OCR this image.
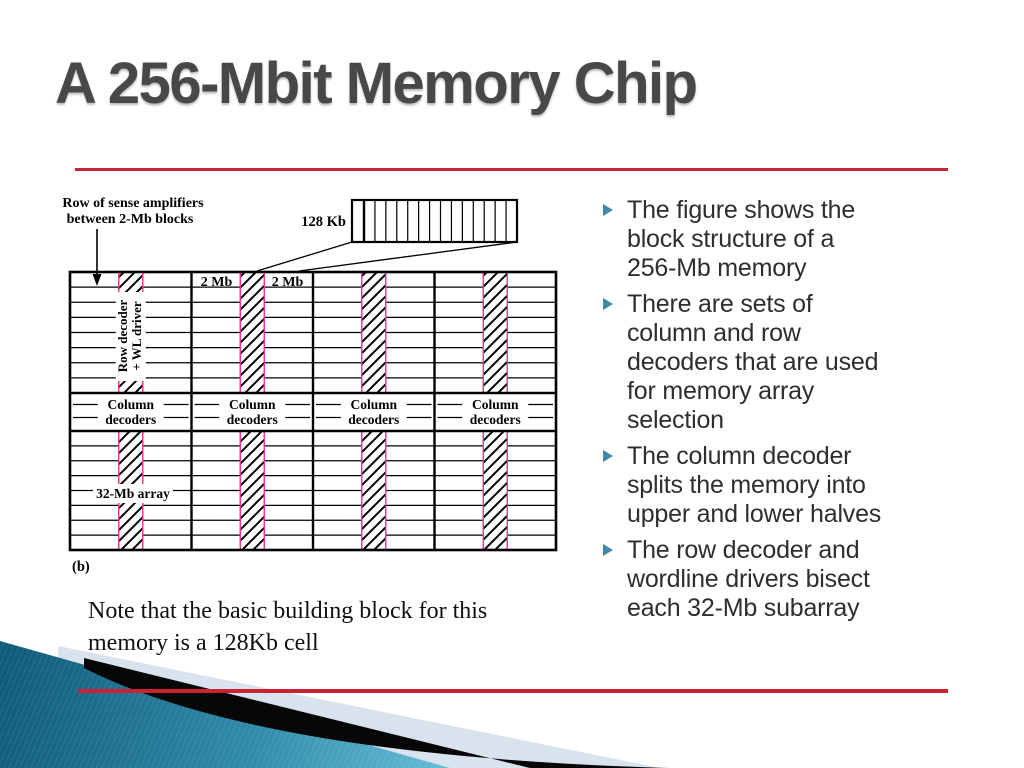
A 256-Mbit Memory Chip
Column
decoders
Column
decoders
Column
decoders
Column
decoders
128 Kb
Row of sense amplifiers
between 2-Mb blocks
2 Mb	2 Mb
Row decoder + WL driver
32-Mb array
(b)
Note that the basic building block for this
memory is a 128Kb cell
The figure shows the
block structure of a
256-Mb memory
There are sets of
column and row
decoders that are used
for memory array
selection
The column decoder
splits the memory into
upper and lower halves
The row decoder and
wordline drivers bisect
each 32-Mb subarray
